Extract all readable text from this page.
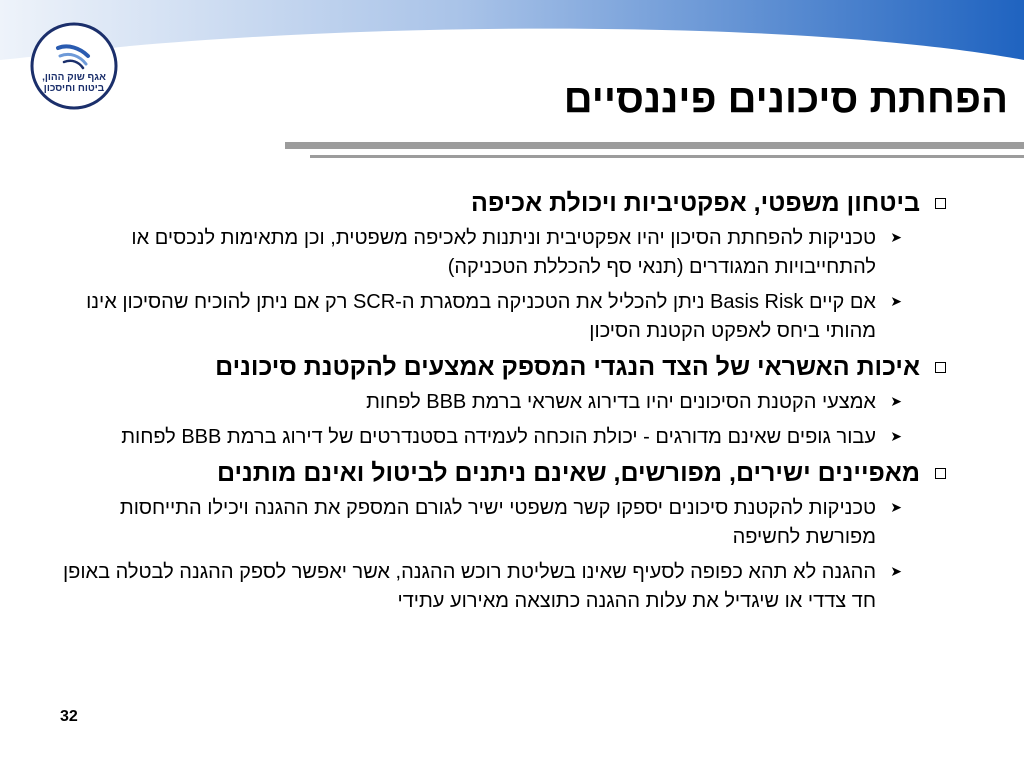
אגף שוק ההון,
ביטוח וחיסכון	הפחתת סיכונים פיננסיים
ביטחון משפטי, אפקטיביות ויכולת אכיפה
➤
טכניקות להפחתת הסיכון יהיו אפקטיבית וניתנות לאכיפה משפטית, וכן מתאימות לנכסים או להתחייבויות המגודרים (תנאי סף להכללת הטכניקה)
➤
אם קיים Basis Risk ניתן להכליל את הטכניקה במסגרת ה-SCR רק אם ניתן להוכיח שהסיכון אינו מהותי ביחס לאפקט הקטנת הסיכון
איכות האשראי של הצד הנגדי המספק אמצעים להקטנת סיכונים
➤
אמצעי הקטנת הסיכונים יהיו בדירוג אשראי ברמת BBB לפחות
➤
עבור גופים שאינם מדורגים - יכולת הוכחה לעמידה בסטנדרטים של דירוג ברמת BBB לפחות
מאפיינים ישירים, מפורשים, שאינם ניתנים לביטול ואינם מותנים
➤
טכניקות להקטנת סיכונים יספקו קשר משפטי ישיר לגורם המספק את ההגנה ויכילו התייחסות מפורשת לחשיפה
➤
ההגנה לא תהא כפופה לסעיף שאינו בשליטת רוכש ההגנה, אשר יאפשר לספק ההגנה לבטלה באופן חד צדדי או שיגדיל את עלות ההגנה כתוצאה מאירוע עתידי
32
